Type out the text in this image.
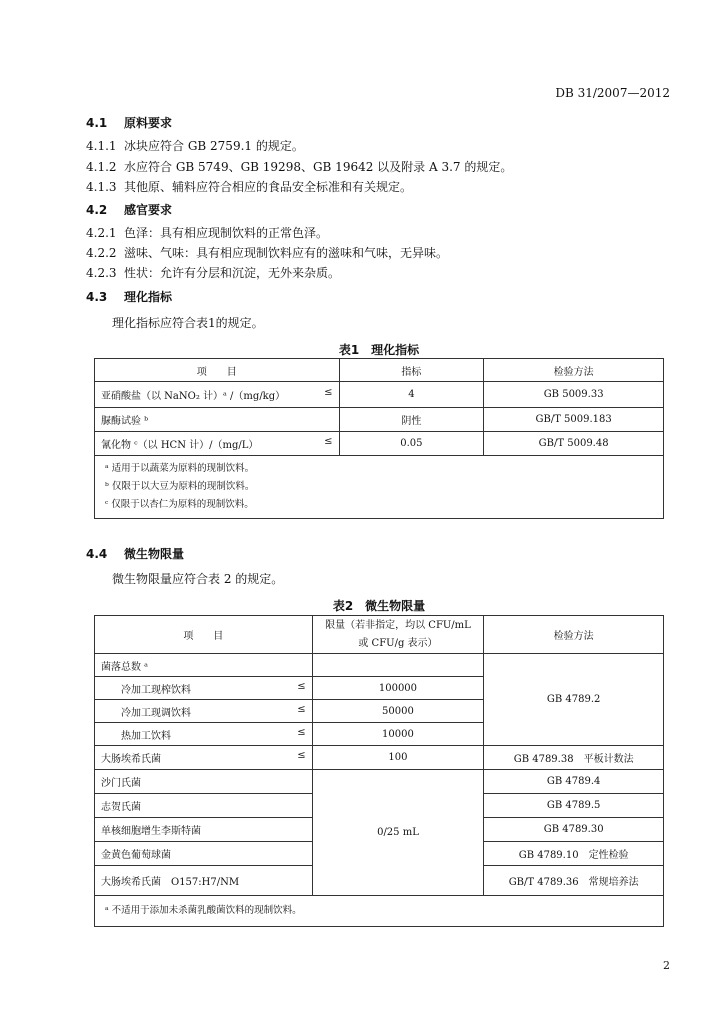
DB 31/2007—2012
4.1 原料要求
4.1.1 冰块应符合 GB 2759.1 的规定。
4.1.2 水应符合 GB 5749、GB 19298、GB 19642 以及附录 A 3.7 的规定。
4.1.3 其他原、辅料应符合相应的食品安全标准和有关规定。
4.2 感官要求
4.2.1 色泽：具有相应现制饮料的正常色泽。
4.2.2 滋味、气味：具有相应现制饮料应有的滋味和气味，无异味。
4.2.3 性状：允许有分层和沉淀，无外来杂质。
4.3 理化指标
理化指标应符合表1的规定。
表1　理化指标
项　　目	指标	检验方法
亚硝酸盐（以 NaNO₂ 计）ᵃ /（mg/kg） ≤	4	GB 5009.33
脲酶试验 ᵇ	阴性	GB/T 5009.183
氰化物 ᶜ（以 HCN 计）/（mg/L） ≤	0.05	GB/T 5009.48

ᵃ 适用于以蔬菜为原料的现制饮料。
ᵇ 仅限于以大豆为原料的现制饮料。
ᶜ 仅限于以杏仁为原料的现制饮料。		
4.4 微生物限量
微生物限量应符合表 2 的规定。
表2　微生物限量
项　　目	限量（若非指定，均以 CFU/mL 或 CFU/g 表示）	检验方法
菌落总数 ᵃ		GB 4789.2
冷加工现榨饮料 ≤	100000	
冷加工现调饮料 ≤	50000	
热加工饮料 ≤	10000	
大肠埃希氏菌 ≤	100	GB 4789.38　平板计数法
沙门氏菌	0/25 mL	GB 4789.4
志贺氏菌		GB 4789.5
单核细胞增生李斯特菌		GB 4789.30
金黄色葡萄球菌		GB 4789.10　定性检验
大肠埃希氏菌　O157:H7/NM		GB/T 4789.36　常规培养法
ᵃ 不适用于添加未杀菌乳酸菌饮料的现制饮料。		
2
